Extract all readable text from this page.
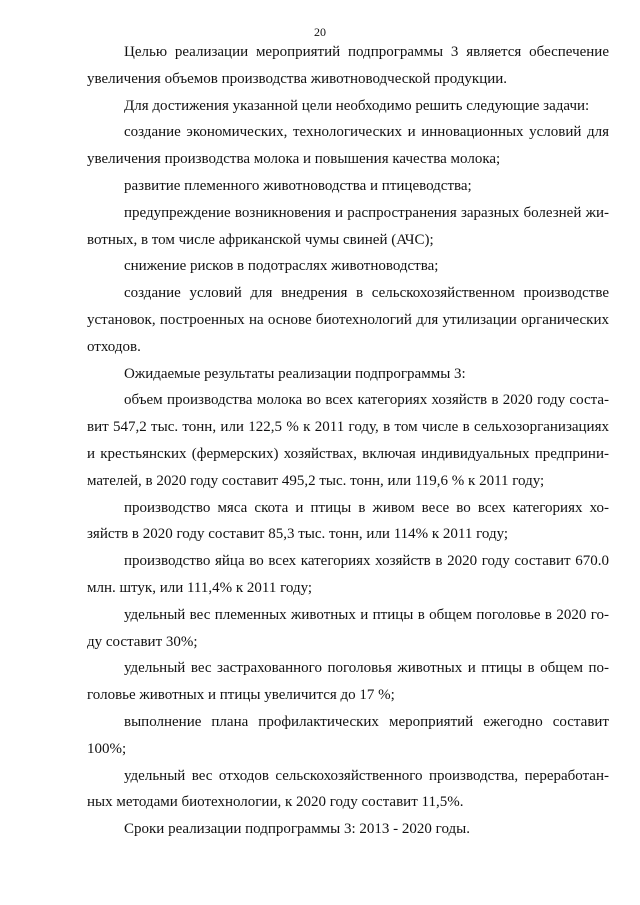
20
Целью реализации мероприятий подпрограммы 3 является обеспечение
увеличения объемов производства животноводческой продукции.
Для достижения указанной цели необходимо решить следующие задачи:
создание экономических, технологических и инновационных условий для
увеличения производства молока и повышения качества молока;
развитие племенного животноводства и птицеводства;
предупреждение возникновения и распространения заразных болезней жи-
вотных, в том числе африканской чумы свиней (АЧС);
снижение рисков в подотраслях животноводства;
создание условий для внедрения в сельскохозяйственном производстве
установок, построенных на основе биотехнологий для утилизации органических
отходов.
Ожидаемые результаты реализации подпрограммы 3:
объем производства молока во всех категориях хозяйств в 2020 году соста-
вит 547,2 тыс. тонн, или 122,5 % к 2011 году, в том числе в сельхозорганизациях
и крестьянских (фермерских) хозяйствах, включая индивидуальных предприни-
мателей, в 2020 году составит 495,2 тыс. тонн, или 119,6 % к 2011 году;
производство мяса скота и птицы в живом весе во всех категориях хо-
зяйств в 2020 году составит 85,3 тыс. тонн, или 114% к 2011 году;
производство яйца во всех категориях хозяйств в 2020 году составит 670.0
млн. штук, или 111,4% к 2011 году;
удельный вес племенных животных и птицы в общем поголовье в 2020 го-
ду составит 30%;
удельный вес застрахованного поголовья животных и птицы в общем по-
головье животных и птицы увеличится до 17 %;
выполнение плана профилактических мероприятий ежегодно составит
100%;
удельный вес отходов сельскохозяйственного производства, переработан-
ных методами биотехнологии, к 2020 году составит 11,5%.
Сроки реализации подпрограммы 3: 2013 - 2020 годы.
